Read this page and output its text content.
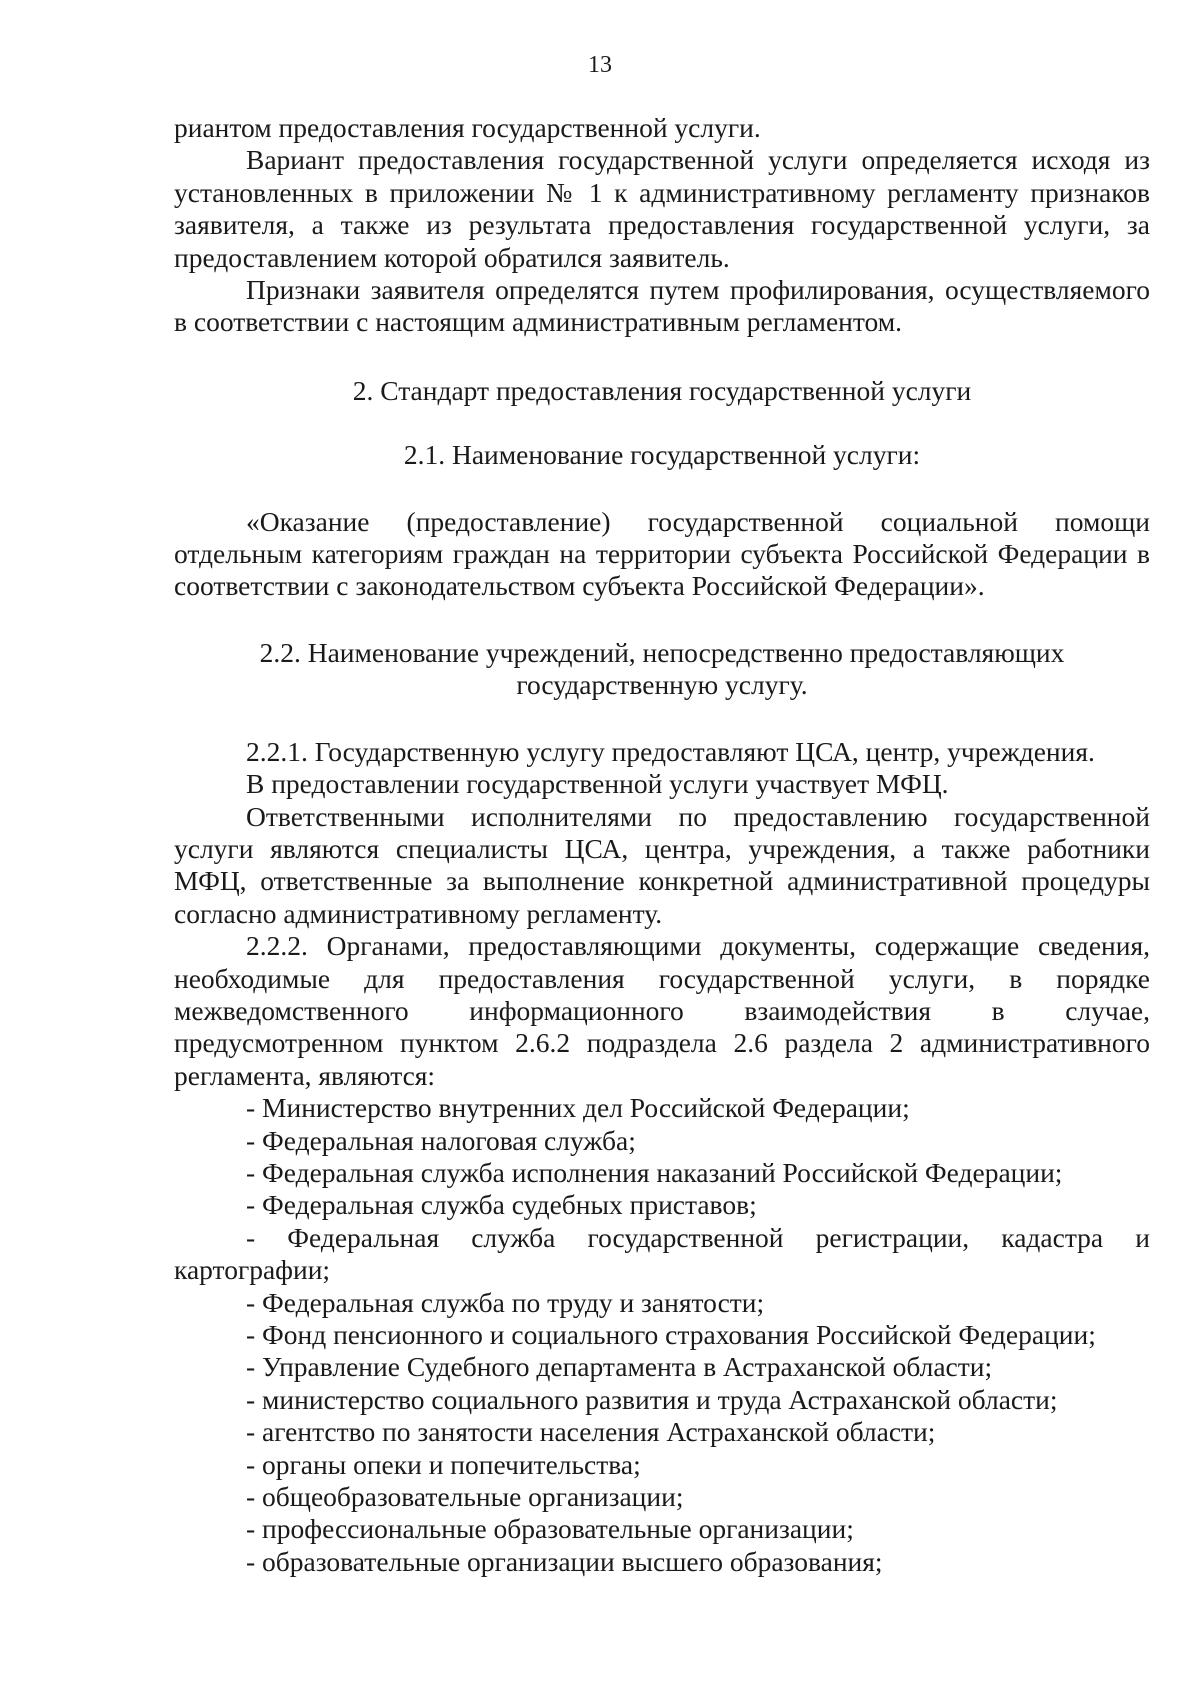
13

риантом предоставления государственной услуги.

Вариант предоставления государственной услуги определяется исходя из установленных в приложении № 1 к административному регламенту признаков заявителя, а также из результата предоставления государственной услуги, за предоставлением которой обратился заявитель.

Признаки заявителя определятся путем профилирования, осуществляемого в соответствии с настоящим административным регламентом.

2. Стандарт предоставления государственной услуги

2.1. Наименование государственной услуги:

«Оказание (предоставление) государственной социальной помощи отдельным категориям граждан на территории субъекта Российской Федерации в соответствии с законодательством субъекта Российской Федерации».

2.2. Наименование учреждений, непосредственно предоставляющих государственную услугу.

2.2.1. Государственную услугу предоставляют ЦСА, центр, учреждения.

В предоставлении государственной услуги участвует МФЦ.

Ответственными исполнителями по предоставлению государственной услуги являются специалисты ЦСА, центра, учреждения, а также работники МФЦ, ответственные за выполнение конкретной административной процедуры согласно административному регламенту.

2.2.2. Органами, предоставляющими документы, содержащие сведения, необходимые для предоставления государственной услуги, в порядке межведомственного информационного взаимодействия в случае, предусмотренном пунктом 2.6.2 подраздела 2.6 раздела 2 административного регламента, являются:

- Министерство внутренних дел Российской Федерации;
- Федеральная налоговая служба;
- Федеральная служба исполнения наказаний Российской Федерации;
- Федеральная служба судебных приставов;
- Федеральная служба государственной регистрации, кадастра и картографии;
- Федеральная служба по труду и занятости;
- Фонд пенсионного и социального страхования Российской Федерации;
- Управление Судебного департамента в Астраханской области;
- министерство социального развития и труда Астраханской области;
- агентство по занятости населения Астраханской области;
- органы опеки и попечительства;
- общеобразовательные организации;
- профессиональные образовательные организации;
- образовательные организации высшего образования;
